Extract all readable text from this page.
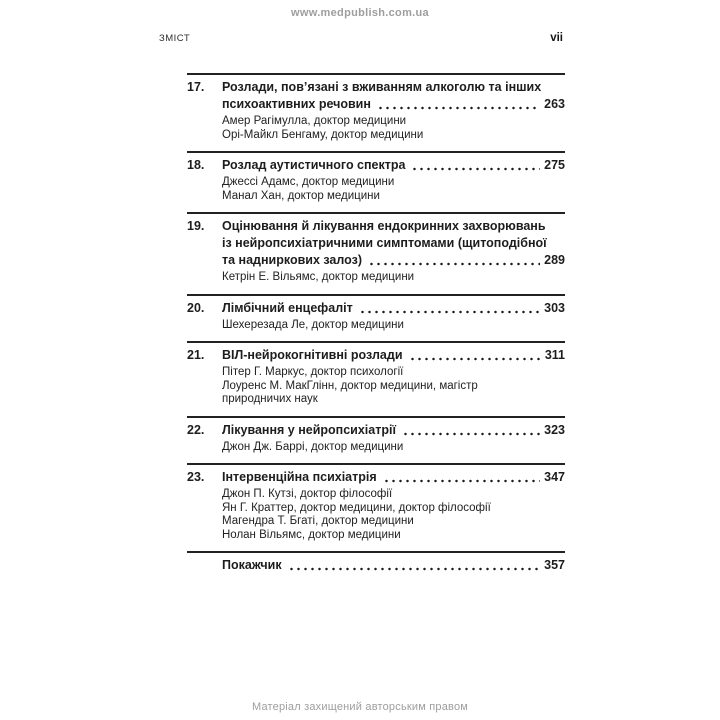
www.medpublish.com.ua
ЗМІСТ	vii
17.	Розлади, пов’язані з вживанням алкоголю та інших
психоактивних речовин	263
Амер Рагімулла, доктор медицини
Орі-Майкл Бенгаму, доктор медицини
18.	Розлад аутистичного спектра	275
Джессі Адамс, доктор медицини
Манал Хан, доктор медицини
19.	Оцінювання й лікування ендокринних захворювань
із нейропсихіатричними симптомами (щитоподібної
та надниркових залоз)	289
Кетрін Е. Вільямс, доктор медицини
20.	Лімбічний енцефаліт	303
Шехерезада Ле, доктор медицини
21.	ВІЛ-нейрокогнітивні розлади	311
Пітер Г. Маркус, доктор психології
Лоуренс М. МакГлінн, доктор медицини, магістр
природничих наук
22.	Лікування у нейропсихіатрії	323
Джон Дж. Баррі, доктор медицини
23.	Інтервенційна психіатрія	347
Джон П. Кутзі, доктор філософії
Ян Г. Краттер, доктор медицини, доктор філософії
Магендра Т. Бгаті, доктор медицини
Нолан Вільямс, доктор медицини
Покажчик	357
Матеріал захищений авторським правом
